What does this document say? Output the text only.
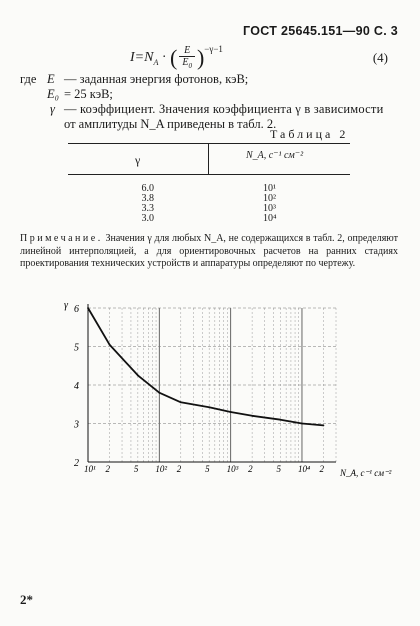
ГОСТ 25645.151—90 С. 3
$I=N_A$ · ( $\frac{E}{E_0} )^{-\gamma-1}$
(4)
где E — заданная энергия фотонов, кэВ;
E₀ = 25 кэВ;
γ — коэффициент. Значения коэффициента γ в зависимости
от амплитуды N_A приведены в табл. 2.
Таблица 2
γ	N_A, с⁻¹ см⁻²
6.0	10¹
3.8	10²
3.3	10³
3.0	10⁴
Примечание. Значения γ для любых N_A, не содержащихся в табл. 2, определяют линейной интерполяцией, а для ориентировочных расчетов на ранних стадиях проектирования технических устройств и аппаратуры определяют по чертежу.
2
3
4
5
6
γ
10¹ 2	5 10² 2	5 10³ 2	5 10⁴ 2 N_A, c⁻¹ cм⁻²
2*
